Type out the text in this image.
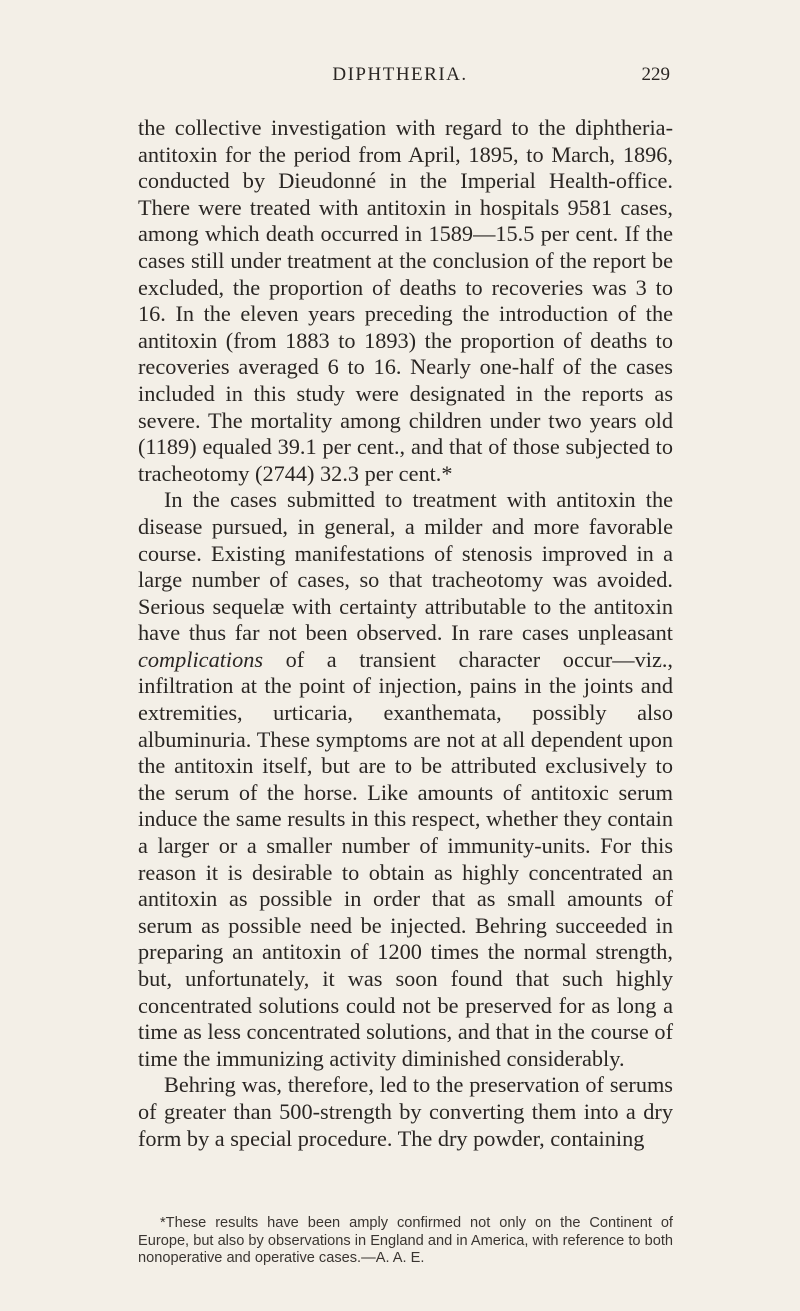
DIPHTHERIA.	229

the collective investigation with regard to the diphtheria-antitoxin for the period from April, 1895, to March, 1896, conducted by Dieudonné in the Imperial Health-office. There were treated with antitoxin in hospitals 9581 cases, among which death occurred in 1589—15.5 per cent. If the cases still under treatment at the conclusion of the report be excluded, the proportion of deaths to recoveries was 3 to 16. In the eleven years preceding the introduction of the antitoxin (from 1883 to 1893) the proportion of deaths to recoveries averaged 6 to 16. Nearly one-half of the cases included in this study were designated in the reports as severe. The mortality among children under two years old (1189) equaled 39.1 per cent., and that of those subjected to tracheotomy (2744) 32.3 per cent.*

In the cases submitted to treatment with antitoxin the disease pursued, in general, a milder and more favorable course. Existing manifestations of stenosis improved in a large number of cases, so that tracheotomy was avoided. Serious sequelæ with certainty attributable to the antitoxin have thus far not been observed. In rare cases unpleasant complications of a transient character occur—viz., infiltration at the point of injection, pains in the joints and extremities, urticaria, exanthemata, possibly also albuminuria. These symptoms are not at all dependent upon the antitoxin itself, but are to be attributed exclusively to the serum of the horse. Like amounts of antitoxic serum induce the same results in this respect, whether they contain a larger or a smaller number of immunity-units. For this reason it is desirable to obtain as highly concentrated an antitoxin as possible in order that as small amounts of serum as possible need be injected. Behring succeeded in preparing an antitoxin of 1200 times the normal strength, but, unfortunately, it was soon found that such highly concentrated solutions could not be preserved for as long a time as less concentrated solutions, and that in the course of time the immunizing activity diminished considerably.

Behring was, therefore, led to the preservation of serums of greater than 500-strength by converting them into a dry form by a special procedure. The dry powder, containing

*These results have been amply confirmed not only on the Continent of Europe, but also by observations in England and in America, with reference to both nonoperative and operative cases.—A. A. E.
